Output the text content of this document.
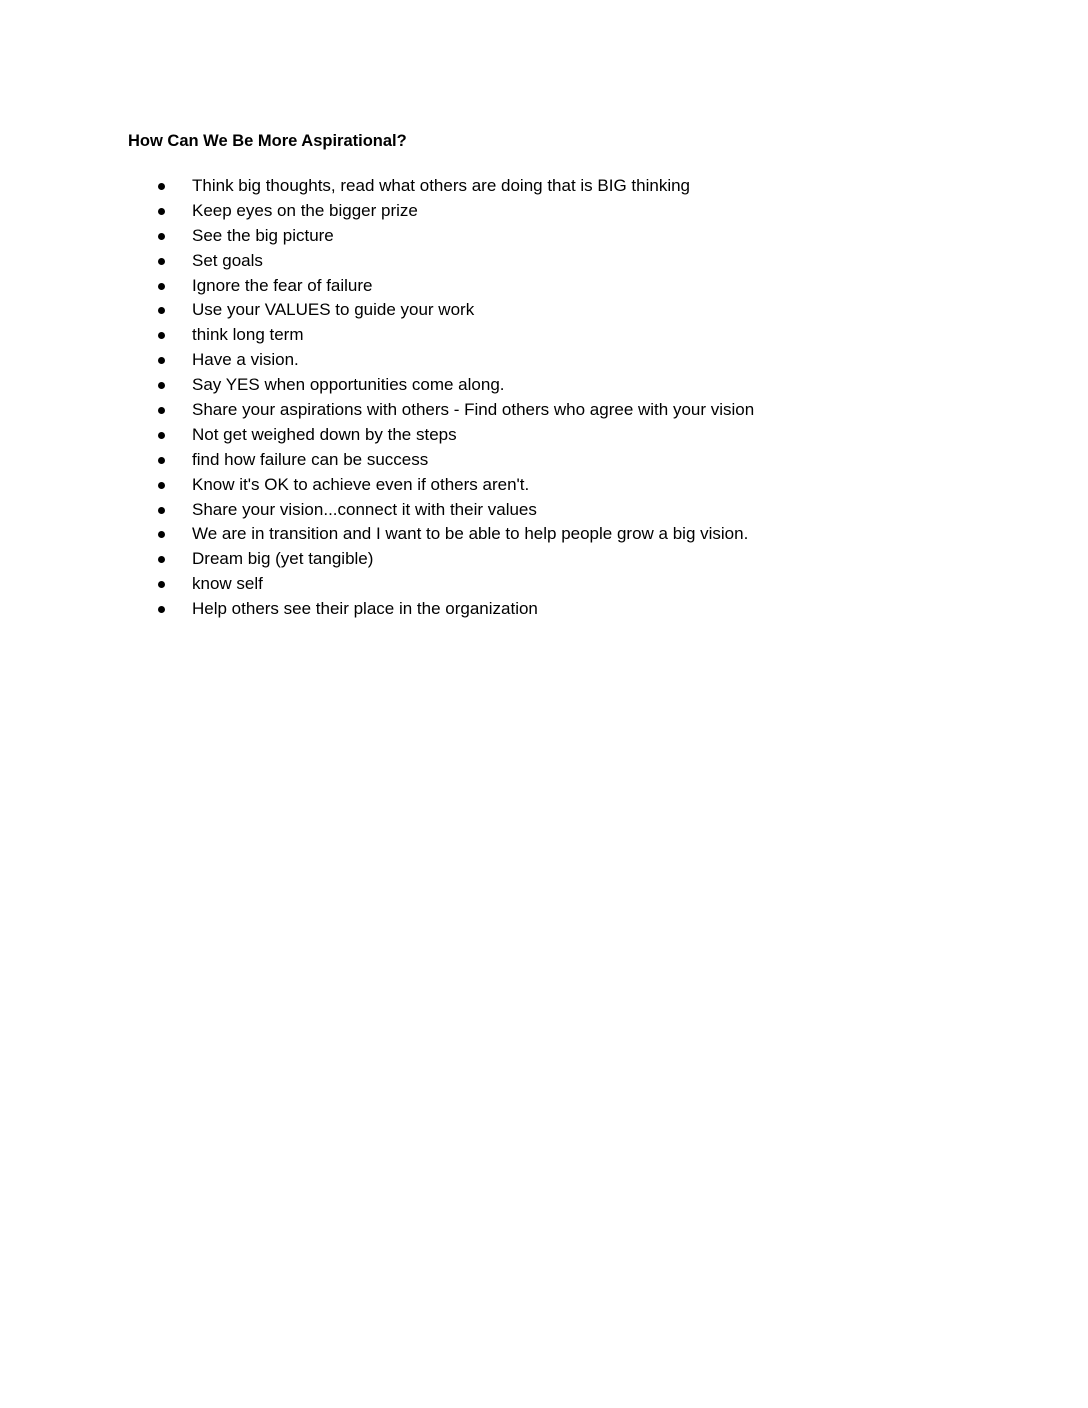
How Can We Be More Aspirational?
Think big thoughts, read what others are doing that is BIG thinking
Keep eyes on the bigger prize
See the big picture
Set goals
Ignore the fear of failure
Use your VALUES to guide your work
think long term
Have a vision.
Say YES when opportunities come along.
Share your aspirations with others - Find others who agree with your vision
Not get weighed down by the steps
find how failure can be success
Know it's OK to achieve even if others aren't.
Share your vision...connect it with their values
We are in transition and I want to be able to help people grow a big vision.
Dream big (yet tangible)
know self
Help others see their place in the organization
